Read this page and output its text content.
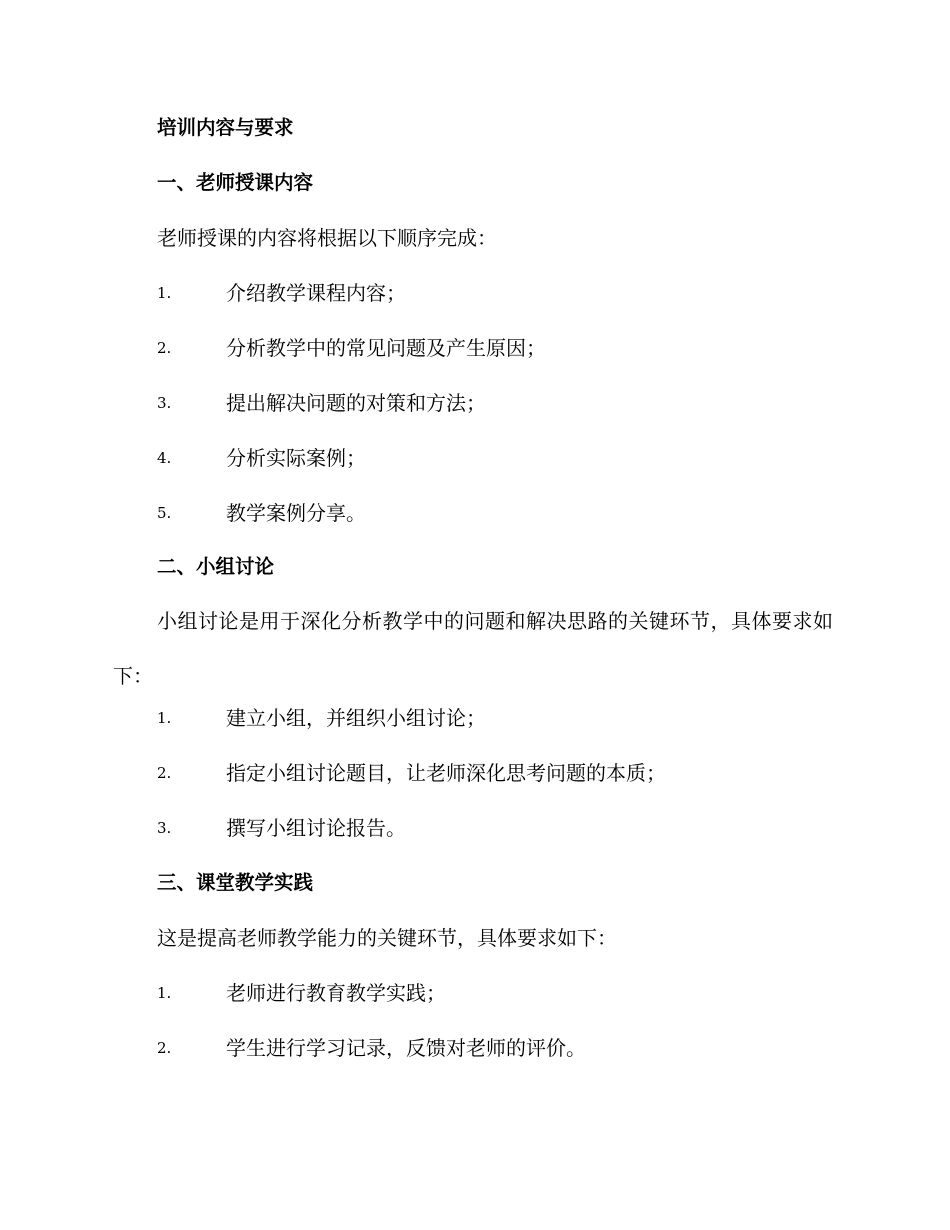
培训内容与要求
一、老师授课内容
老师授课的内容将根据以下顺序完成：
1.	介绍教学课程内容；
2.	分析教学中的常见问题及产生原因；
3.	提出解决问题的对策和方法；
4.	分析实际案例；
5.	教学案例分享。
二、小组讨论
小组讨论是用于深化分析教学中的问题和解决思路的关键环节，具体要求如下：
1.	建立小组，并组织小组讨论；
2.	指定小组讨论题目，让老师深化思考问题的本质；
3.	撰写小组讨论报告。
三、课堂教学实践
这是提高老师教学能力的关键环节，具体要求如下：
1.	老师进行教育教学实践；
2.	学生进行学习记录，反馈对老师的评价。
